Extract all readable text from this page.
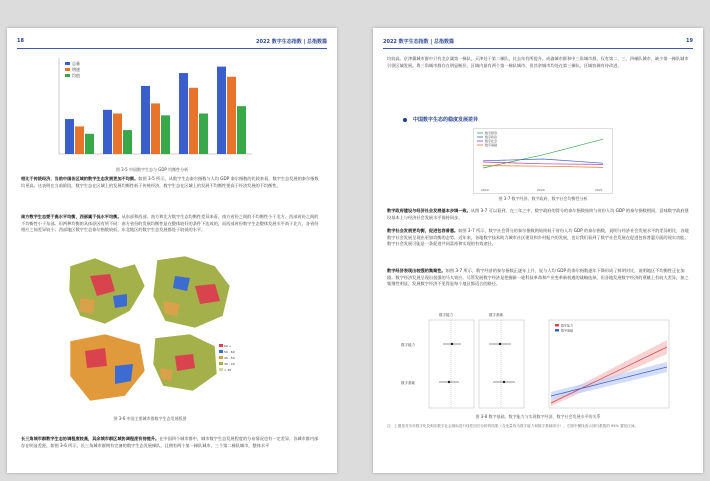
18	2022 数字生态指数 | 总指数篇
总量
增速
均值
图 3-5 中国数字生态与 GDP 均衡性分析
相比于传统经济，当前中国各区域的数字生态发展更加不均衡。如图 3-5 所示，从数字生态泰尔指数与人均 GDP 泰尔指数的比较来看，数字生态发展的泰尔指数均更高。这表明在当前阶段，数字生态在区域上的发展均衡性低于传统经济，数字生态在区域上的发展不均衡性要高于经济发展的不均衡性。
南方数字生态要于高水平均衡，西部属于低水平均衡。从东部和西部、南方和北方数字生态均衡性差异来看，南方省份之间的不均衡性小于北方，西部省份之间的不均衡性小于东部。但两种均衡的具体原因有所不同：南方省份的发展均衡性是在整体较好的条件下达成的，而西部省份数字生态整体发展水平尚于北方，各省份相应之间差异较小；西部地区数字生态泰尔指数较低，东北地区的数字生态发展都处于较低的水平。
60 +
50 - 60
40 - 50
30 - 40
< 30
图 3-6 中国主要城市群数字生态发展版图
长三角城市群数字生态协调程度较高，其余城市群区域协调程度有待提升。在中国四个城市群中，城市数字生态发展程度的分布情况也有一定差异，各城市群内部存在明显差距。如图 3-6 所示，长三角城市群拥有完备的数字生态发展梯队，且拥有两个第一梯队城市，三个第二梯队城市，整体水平
2022 数字生态指数 | 总指数篇	19
均较高。京津冀城市群中只有北京属第一梯队，天津处于第二梯队，比去年有所提升。成渝城市群和中三角城市群，仅有第二、三、四梯队城市，缺少第一梯队城市引领区域发展。粤三角城市群存在明显断层，区域内最有两个第一梯队城市，但其余城市均处在第三梯队，区域协调有待改进。
中国数字生态的稳度发展差异
数字经济
数字政府
数字社会
数字基础
2019	2020	2021
图 3-7 数字经济、数字政府、数字社会均衡性分析
数字政府建设与经济社会发展基本步调一致。从图 3-7 可以看到，在三年之中，数字政府的得分的泰尔指数始终与省份人均 GDP 的泰尔指数相同，意味数字政府建设基本上与经济社会发展水平保持同步。
数字社会发展更均衡，促进包容普惠。如图 3-7 所示，数字社会得分的泰尔指数则始终低于省份人均 GDP 的泰尔指数，说明与经济社会发展水平的差异相比，各地数字社会发展呈现出更加均衡的态势。近年来，各地数字技术助力城市社区建设和乡村振兴的发展，也让我们看到了数字社会发展在促进包容普惠方面的现实功能。数字社会发展可能是一条促进共同富裕和实现的有效途径。
数字经济表现出较强的集聚性。如图 3-7 所示，数字经济的泰尔指数正逐年上升，说与人均 GDP 的泰尔指数逐年下降形成了鲜明对比，说明地区不均衡性正在加剧。数字经济发展呈现出很强的马太效应。尽管发展数字经济是把握新一轮科技革命和产业变革新机遇的战略选择，但各地发展数字经济的禀赋上有较大差异，加之集聚性明显，发展数字经济不见得是每个地区都适合的路径。
数字能力	数字基础
数字能力
数字基础
数字能力
数字基础
图 3-8 数字基础、数字能力与实现数字经济、数字社会发展水平的关系
注：上图是对历年数字化及相应数字社会指标进行线性回归分析的结果（含变量均为数字能力和数字基础得分），左图中横线表示回归系数的 95% 置信区间。
